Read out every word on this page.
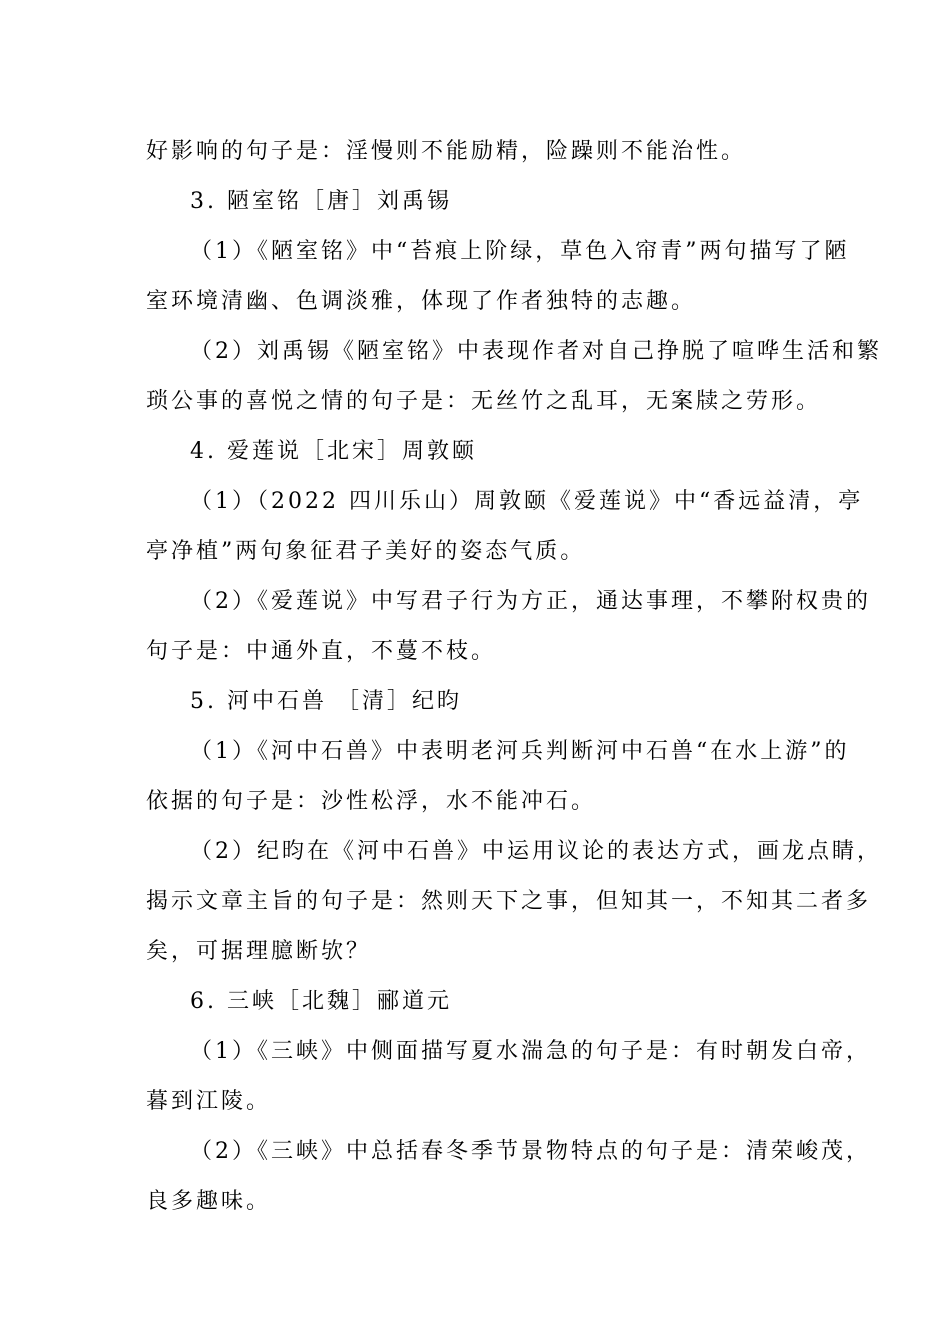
好影响的句子是：淫慢则不能励精，险躁则不能治性。
3. 陋室铭［唐］刘禹锡
（1）《陋室铭》中“苔痕上阶绿，草色入帘青”两句描写了陋
室环境清幽、色调淡雅，体现了作者独特的志趣。
（2）刘禹锡《陋室铭》中表现作者对自己挣脱了喧哗生活和繁
琐公事的喜悦之情的句子是：无丝竹之乱耳，无案牍之劳形。
4. 爱莲说［北宋］周敦颐
（1）（2022 四川乐山）周敦颐《爱莲说》中“香远益清，亭
亭净植”两句象征君子美好的姿态气质。
（2）《爱莲说》中写君子行为方正，通达事理，不攀附权贵的
句子是：中通外直，不蔓不枝。
5. 河中石兽 ［清］纪昀
（1）《河中石兽》中表明老河兵判断河中石兽“在水上游”的
依据的句子是：沙性松浮，水不能冲石。
（2）纪昀在《河中石兽》中运用议论的表达方式，画龙点睛，
揭示文章主旨的句子是：然则天下之事，但知其一，不知其二者多
矣，可据理臆断欤？
6. 三峡［北魏］郦道元
（1）《三峡》中侧面描写夏水湍急的句子是：有时朝发白帝，
暮到江陵。
（2）《三峡》中总括春冬季节景物特点的句子是：清荣峻茂，
良多趣味。
